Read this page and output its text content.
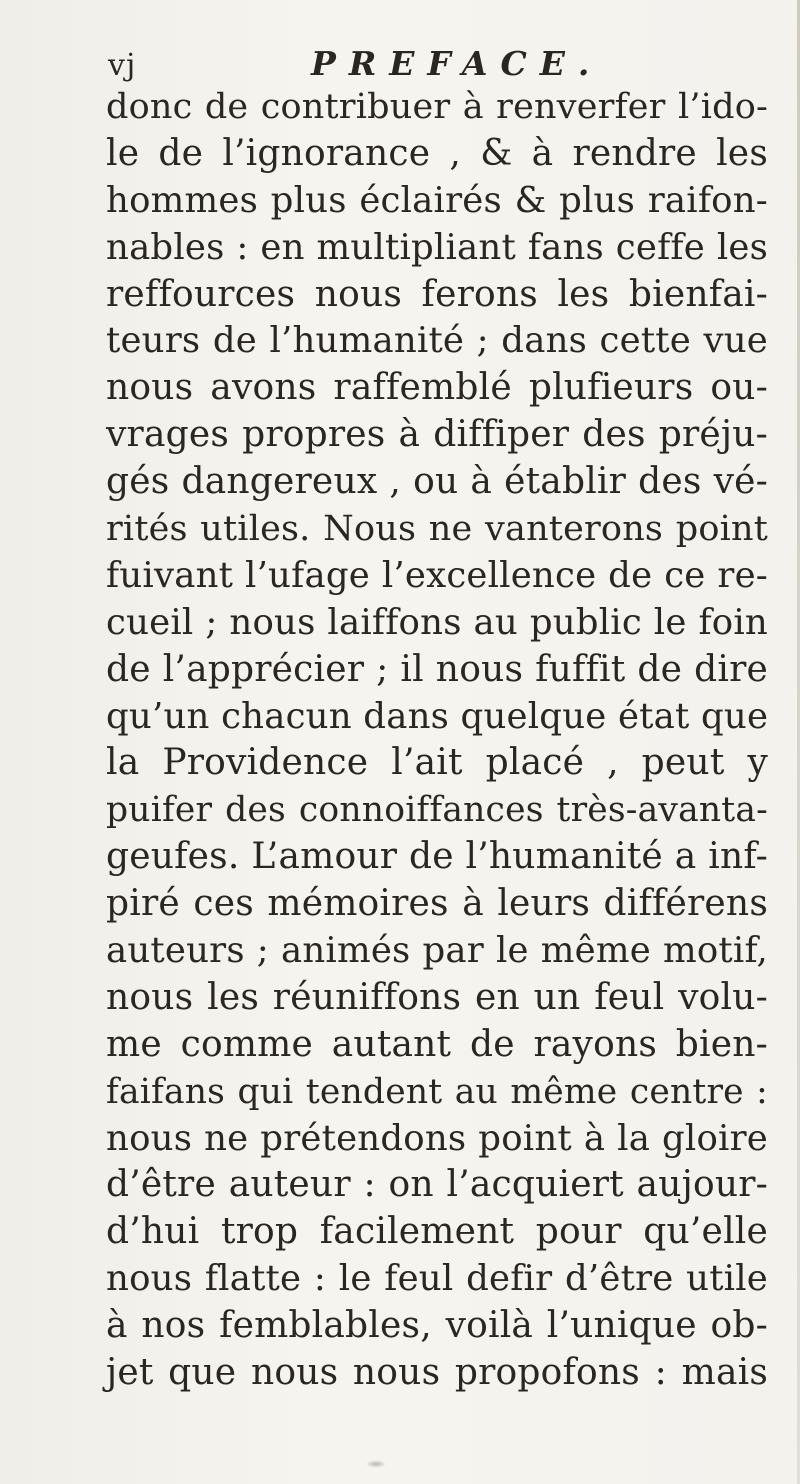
vj	PREFACE.
donc de contribuer à renverfer l’ido-
le de l’ignorance , & à rendre les
hommes plus éclairés & plus raifon-
nables : en multipliant fans ceffe les
reffources nous ferons les bienfai-
teurs de l’humanité ; dans cette vue
nous avons raffemblé plufieurs ou-
vrages propres à diffiper des préju-
gés dangereux , ou à établir des vé-
rités utiles. Nous ne vanterons point
fuivant l’ufage l’excellence de ce re-
cueil ; nous laiffons au public le foin
de l’apprécier ; il nous fuffit de dire
qu’un chacun dans quelque état que
la Providence l’ait placé , peut y
puifer des connoiffances très-avanta-
geufes. L’amour de l’humanité a inf-
piré ces mémoires à leurs différens
auteurs ; animés par le même motif,
nous les réuniffons en un feul volu-
me comme autant de rayons bien-
faifans qui tendent au même centre :
nous ne prétendons point à la gloire
d’être auteur : on l’acquiert aujour-
d’hui trop facilement pour qu’elle
nous flatte : le feul defir d’être utile
à nos femblables, voilà l’unique ob-
jet que nous nous propofons : mais
